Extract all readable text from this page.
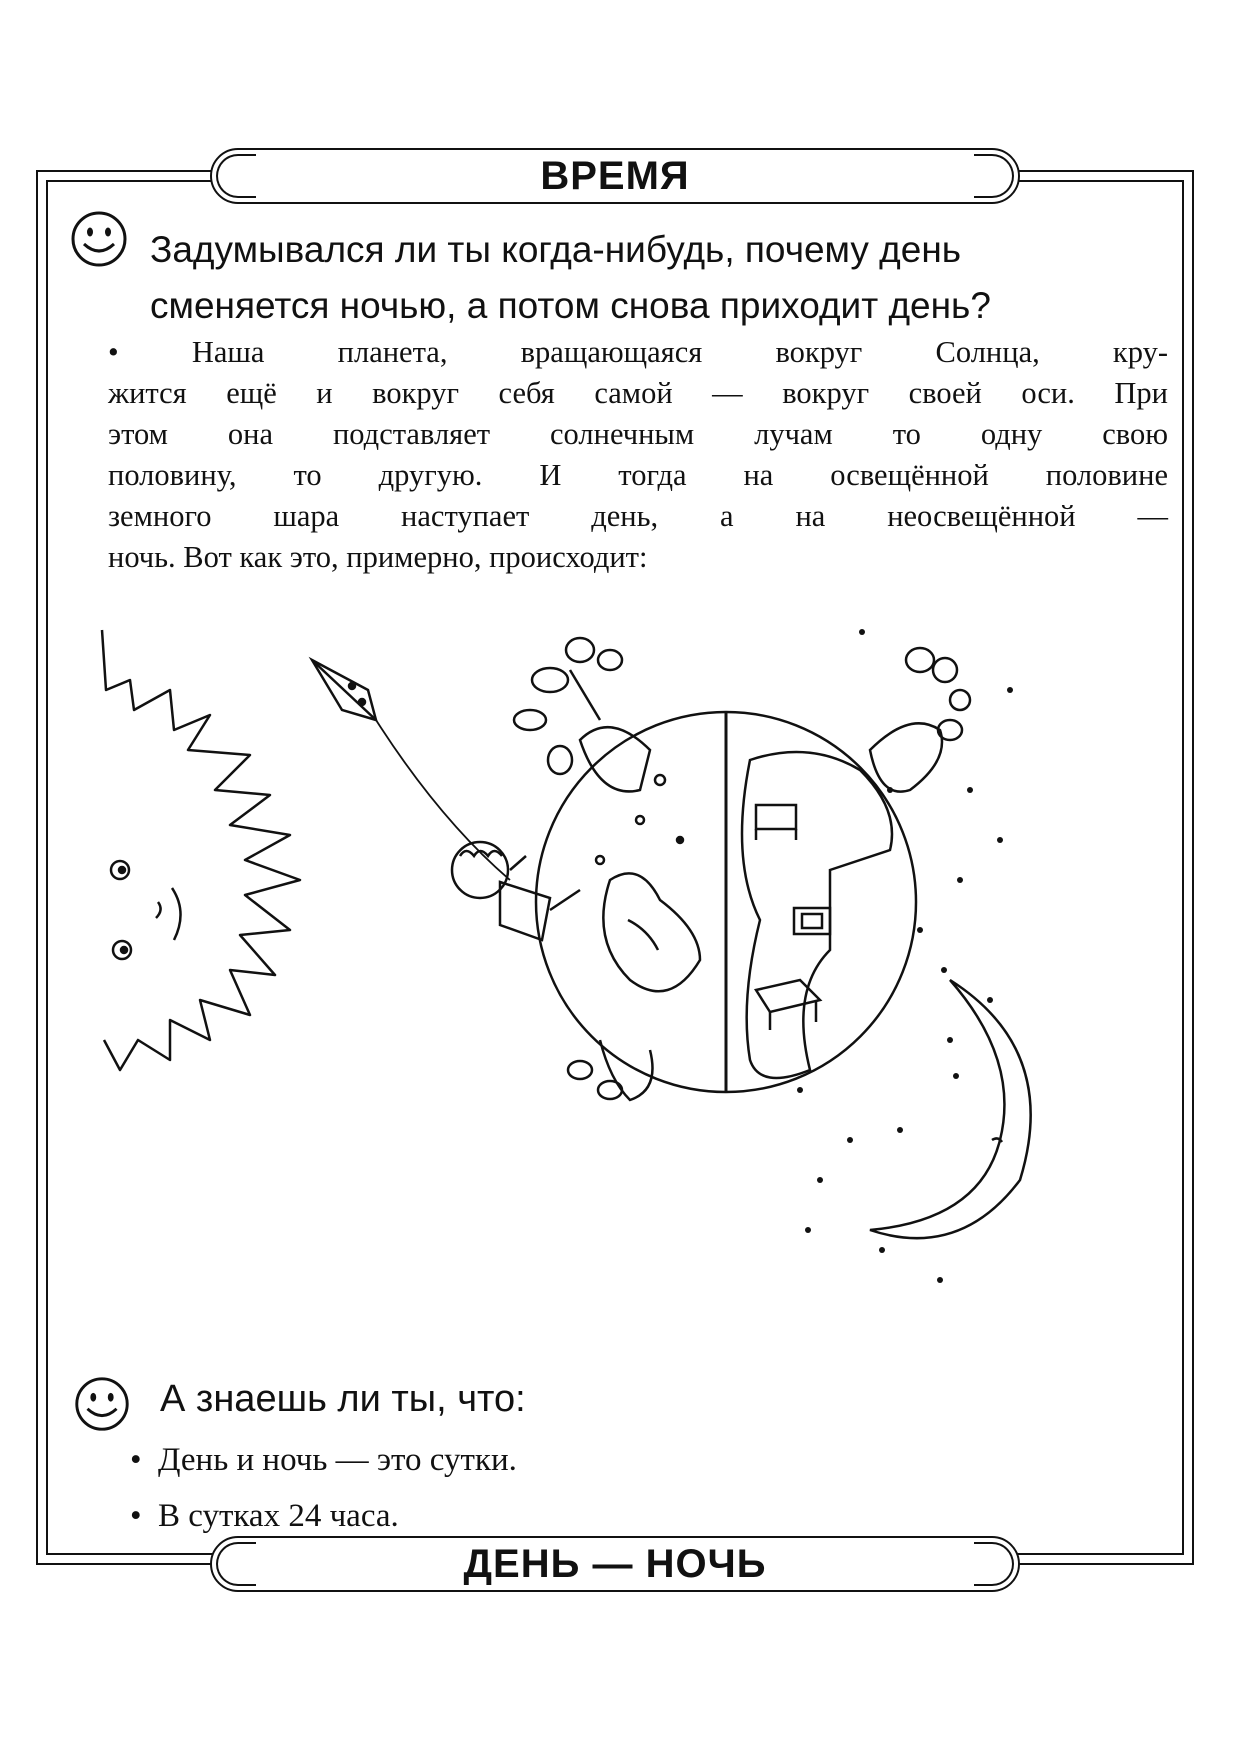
ВРЕМЯ
Задумывался ли ты когда-нибудь, почему день
сменяется ночью, а потом снова приходит день?
• Наша планета, вращающаяся вокруг Солнца, кру-
жится ещё и вокруг себя самой — вокруг своей оси. При
этом она подставляет солнечным лучам то одну свою
половину, то другую. И тогда на освещённой половине
земного шара наступает день, а на неосвещённой —
ночь. Вот как это, примерно, происходит:
А знаешь ли ты, что:
• День и ночь — это сутки.
• В сутках 24 часа.
ДЕНЬ — НОЧЬ
